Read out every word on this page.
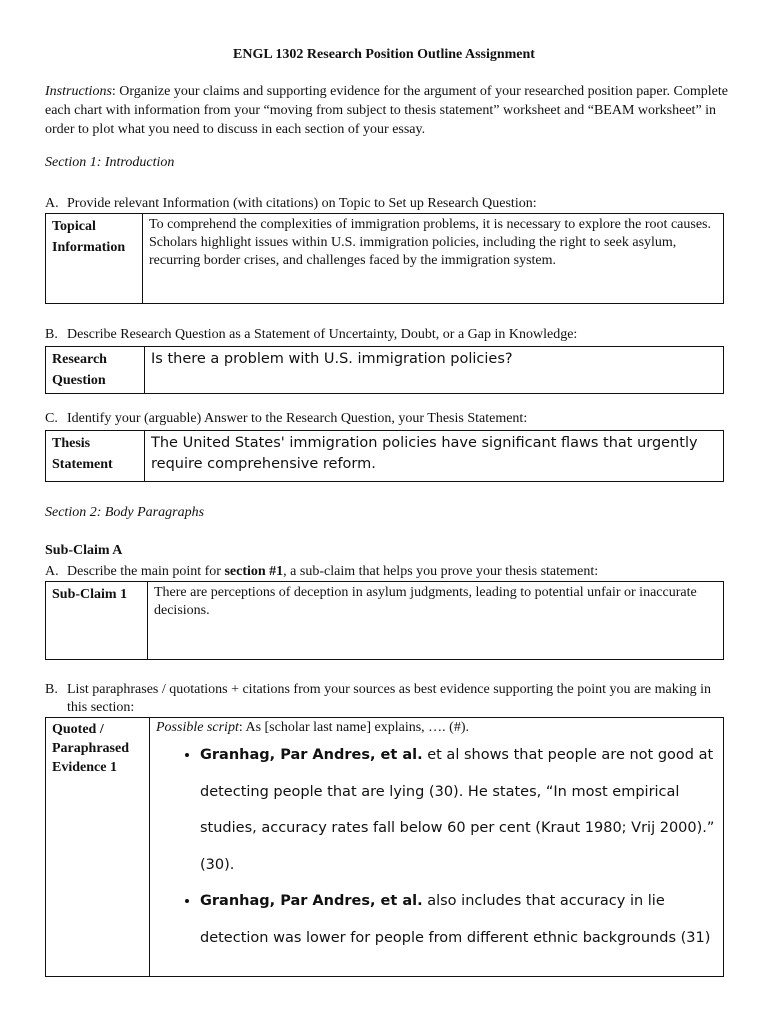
ENGL 1302 Research Position Outline Assignment
Instructions: Organize your claims and supporting evidence for the argument of your researched position paper. Complete each chart with information from your “moving from subject to thesis statement” worksheet and “BEAM worksheet” in order to plot what you need to discuss in each section of your essay.
Section 1: Introduction
A. Provide relevant Information (with citations) on Topic to Set up Research Question:
Topical
Information
	To comprehend the complexities of immigration problems, it is necessary to explore the root causes. Scholars highlight issues within U.S. immigration policies, including the right to seek asylum, recurring border crises, and challenges faced by the immigration system.
B. Describe Research Question as a Statement of Uncertainty, Doubt, or a Gap in Knowledge:
Research
Question
	Is there a problem with U.S. immigration policies?
C. Identify your (arguable) Answer to the Research Question, your Thesis Statement:
Thesis
Statement
	The United States' immigration policies have significant flaws that urgently require comprehensive reform.
Section 2: Body Paragraphs
Sub-Claim A
A. Describe the main point for section #1, a sub-claim that helps you prove your thesis statement:
Sub-Claim 1	There are perceptions of deception in asylum judgments, leading to potential unfair or inaccurate decisions.
B. List paraphrases / quotations + citations from your sources as best evidence supporting the point you are making in this section:
Quoted /
Paraphrased
Evidence 1

Possible script: As [scholar last name] explains, …. (#).
• Granhag, Par Andres, et al. et al shows that people are not good at detecting people that are lying (30). He states, “In most empirical studies, accuracy rates fall below 60 per cent (Kraut 1980; Vrij 2000).” (30).
• Granhag, Par Andres, et al. also includes that accuracy in lie detection was lower for people from different ethnic backgrounds (31)
